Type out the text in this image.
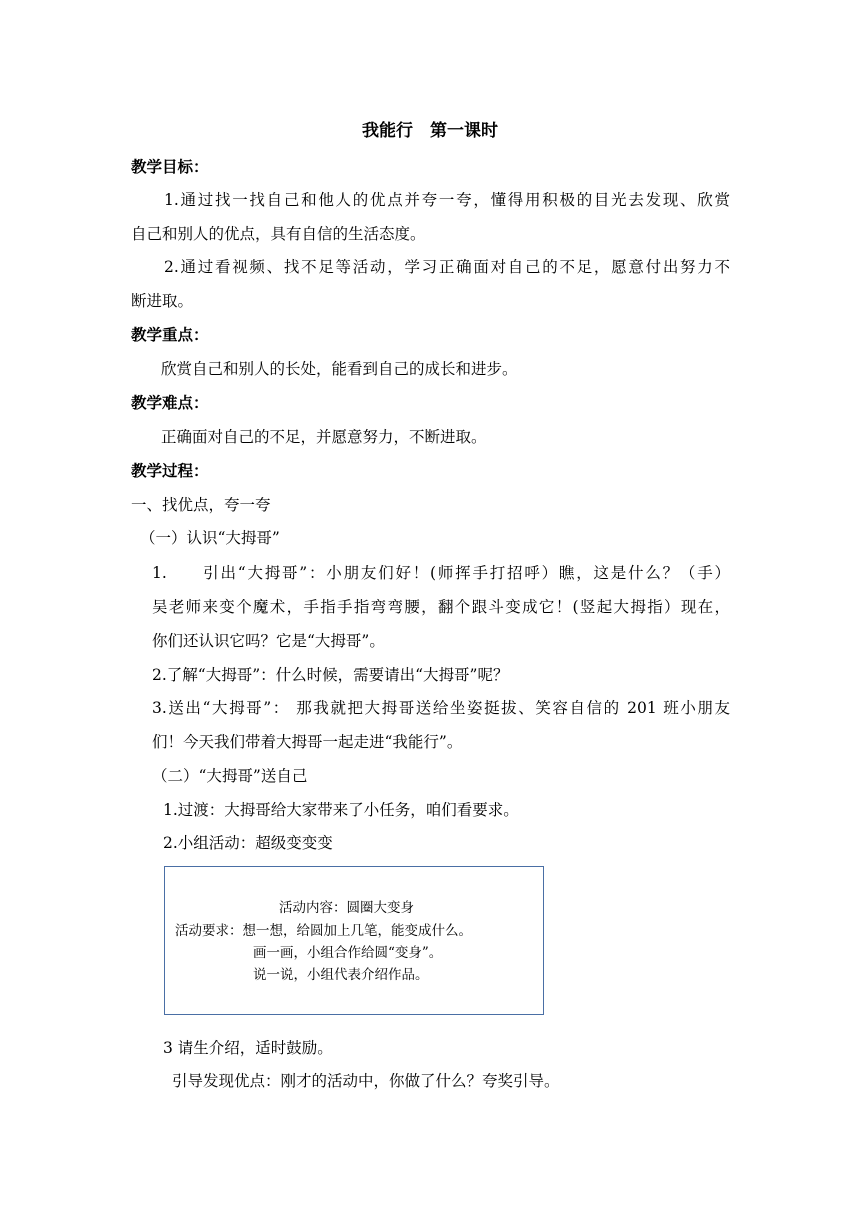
我能行　第一课时
教学目标：
1.通过找一找自己和他人的优点并夸一夸，懂得用积极的目光去发现、欣赏
自己和别人的优点，具有自信的生活态度。
2.通过看视频、找不足等活动，学习正确面对自己的不足，愿意付出努力不
断进取。
教学重点：
欣赏自己和别人的长处，能看到自己的成长和进步。
教学难点：
正确面对自己的不足，并愿意努力，不断进取。
教学过程：
一、找优点，夸一夸
（一）认识“大拇哥”
1.　　引出“大拇哥”：小朋友们好！(师挥手打招呼）瞧，这是什么？（手）
吴老师来变个魔术，手指手指弯弯腰，翻个跟斗变成它！(竖起大拇指）现在，
你们还认识它吗？它是“大拇哥”。
2.了解“大拇哥”：什么时候，需要请出“大拇哥”呢？
3.送出“大拇哥”： 那我就把大拇哥送给坐姿挺拔、笑容自信的 201 班小朋友
们！今天我们带着大拇哥一起走进“我能行”。
（二）“大拇哥”送自己
1.过渡：大拇哥给大家带来了小任务，咱们看要求。
2.小组活动：超级变变变
活动内容：圆圈大变身
活动要求：想一想，给圆加上几笔，能变成什么。
画一画，小组合作给圆“变身”。
说一说，小组代表介绍作品。
3 请生介绍，适时鼓励。
引导发现优点：刚才的活动中，你做了什么？夸奖引导。
